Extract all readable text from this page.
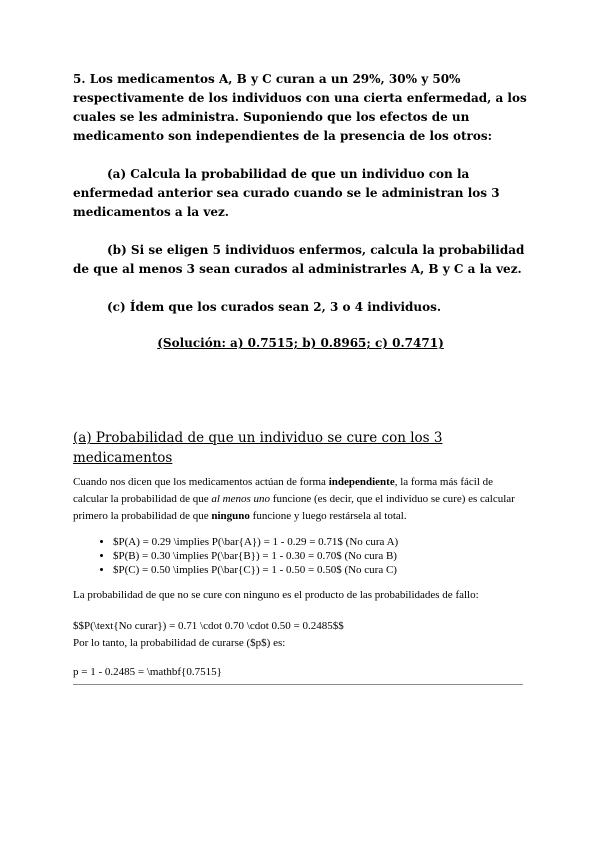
5. Los medicamentos A, B y C curan a un 29%, 30% y 50% respectivamente de los individuos con una cierta enfermedad, a los cuales se les administra. Suponiendo que los efectos de un medicamento son independientes de la presencia de los otros:

(a) Calcula la probabilidad de que un individuo con la enfermedad anterior sea curado cuando se le administran los 3 medicamentos a la vez.

(b) Si se eligen 5 individuos enfermos, calcula la probabilidad de que al menos 3 sean curados al administrarles A, B y C a la vez.

(c) Ídem que los curados sean 2, 3 o 4 individuos.

(Solución: a) 0.7515; b) 0.8965; c) 0.7471)

(a) Probabilidad de que un individuo se cure con los 3 medicamentos

Cuando nos dicen que los medicamentos actúan de forma independiente, la forma más fácil de calcular la probabilidad de que al menos uno funcione (es decir, que el individuo se cure) es calcular primero la probabilidad de que ninguno funcione y luego restársela al total.

• $P(A) = 0.29 \implies P(\bar{A}) = 1 - 0.29 = 0.71$ (No cura A)
• $P(B) = 0.30 \implies P(\bar{B}) = 1 - 0.30 = 0.70$ (No cura B)
• $P(C) = 0.50 \implies P(\bar{C}) = 1 - 0.50 = 0.50$ (No cura C)

La probabilidad de que no se cure con ninguno es el producto de las probabilidades de fallo:

$$P(\text{No curar}) = 0.71 \cdot 0.70 \cdot 0.50 = 0.2485$$

Por lo tanto, la probabilidad de curarse ($p$) es:

p = 1 - 0.2485 = \mathbf{0.7515}
